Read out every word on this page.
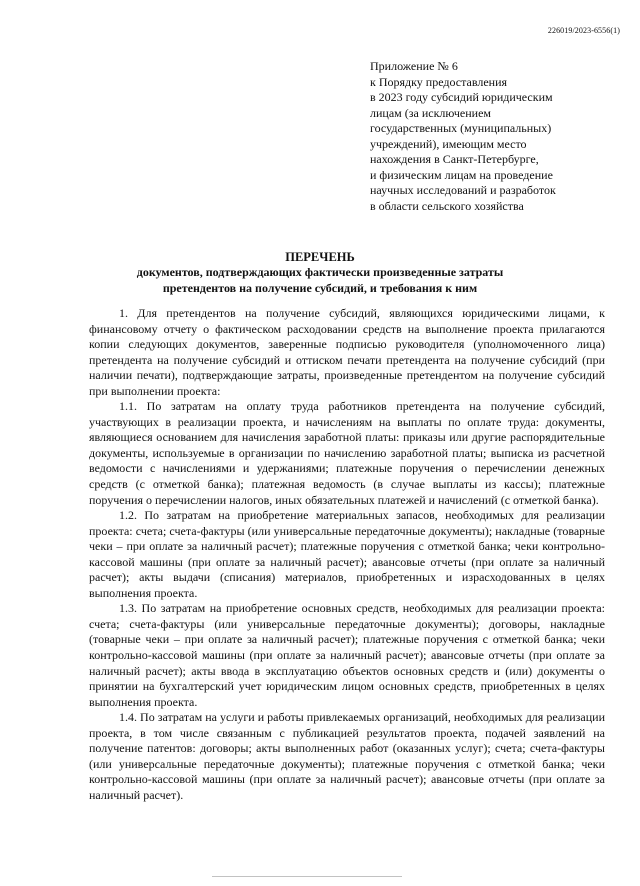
226019/2023-6556(1)
Приложение № 6
к Порядку предоставления
в 2023 году субсидий юридическим
лицам (за исключением
государственных (муниципальных)
учреждений), имеющим место
нахождения в Санкт-Петербурге,
и физическим лицам на проведение
научных исследований и разработок
в области сельского хозяйства
ПЕРЕЧЕНЬ
документов, подтверждающих фактически произведенные затраты
претендентов на получение субсидий, и требования к ним

1. Для претендентов на получение субсидий, являющихся юридическими лицами, к финансовому отчету о фактическом расходовании средств на выполнение проекта прилагаются копии следующих документов, заверенные подписью руководителя (уполномоченного лица) претендента на получение субсидий и оттиском печати претендента на получение субсидий (при наличии печати), подтверждающие затраты, произведенные претендентом на получение субсидий при выполнении проекта:

1.1. По затратам на оплату труда работников претендента на получение субсидий, участвующих в реализации проекта, и начислениям на выплаты по оплате труда: документы, являющиеся основанием для начисления заработной платы: приказы или другие распорядительные документы, используемые в организации по начислению заработной платы; выписка из расчетной ведомости с начислениями и удержаниями; платежные поручения о перечислении денежных средств (с отметкой банка); платежная ведомость (в случае выплаты из кассы); платежные поручения о перечислении налогов, иных обязательных платежей и начислений (с отметкой банка).

1.2. По затратам на приобретение материальных запасов, необходимых для реализации проекта: счета; счета-фактуры (или универсальные передаточные документы); накладные (товарные чеки – при оплате за наличный расчет); платежные поручения с отметкой банка; чеки контрольно-кассовой машины (при оплате за наличный расчет); авансовые отчеты (при оплате за наличный расчет); акты выдачи (списания) материалов, приобретенных и израсходованных в целях выполнения проекта.

1.3. По затратам на приобретение основных средств, необходимых для реализации проекта: счета; счета-фактуры (или универсальные передаточные документы); договоры, накладные (товарные чеки – при оплате за наличный расчет); платежные поручения с отметкой банка; чеки контрольно-кассовой машины (при оплате за наличный расчет); авансовые отчеты (при оплате за наличный расчет); акты ввода в эксплуатацию объектов основных средств и (или) документы о принятии на бухгалтерский учет юридическим лицом основных средств, приобретенных в целях выполнения проекта.

1.4. По затратам на услуги и работы привлекаемых организаций, необходимых для реализации проекта, в том числе связанным с публикацией результатов проекта, подачей заявлений на получение патентов: договоры; акты выполненных работ (оказанных услуг); счета; счета-фактуры (или универсальные передаточные документы); платежные поручения с отметкой банка; чеки контрольно-кассовой машины (при оплате за наличный расчет); авансовые отчеты (при оплате за наличный расчет).
